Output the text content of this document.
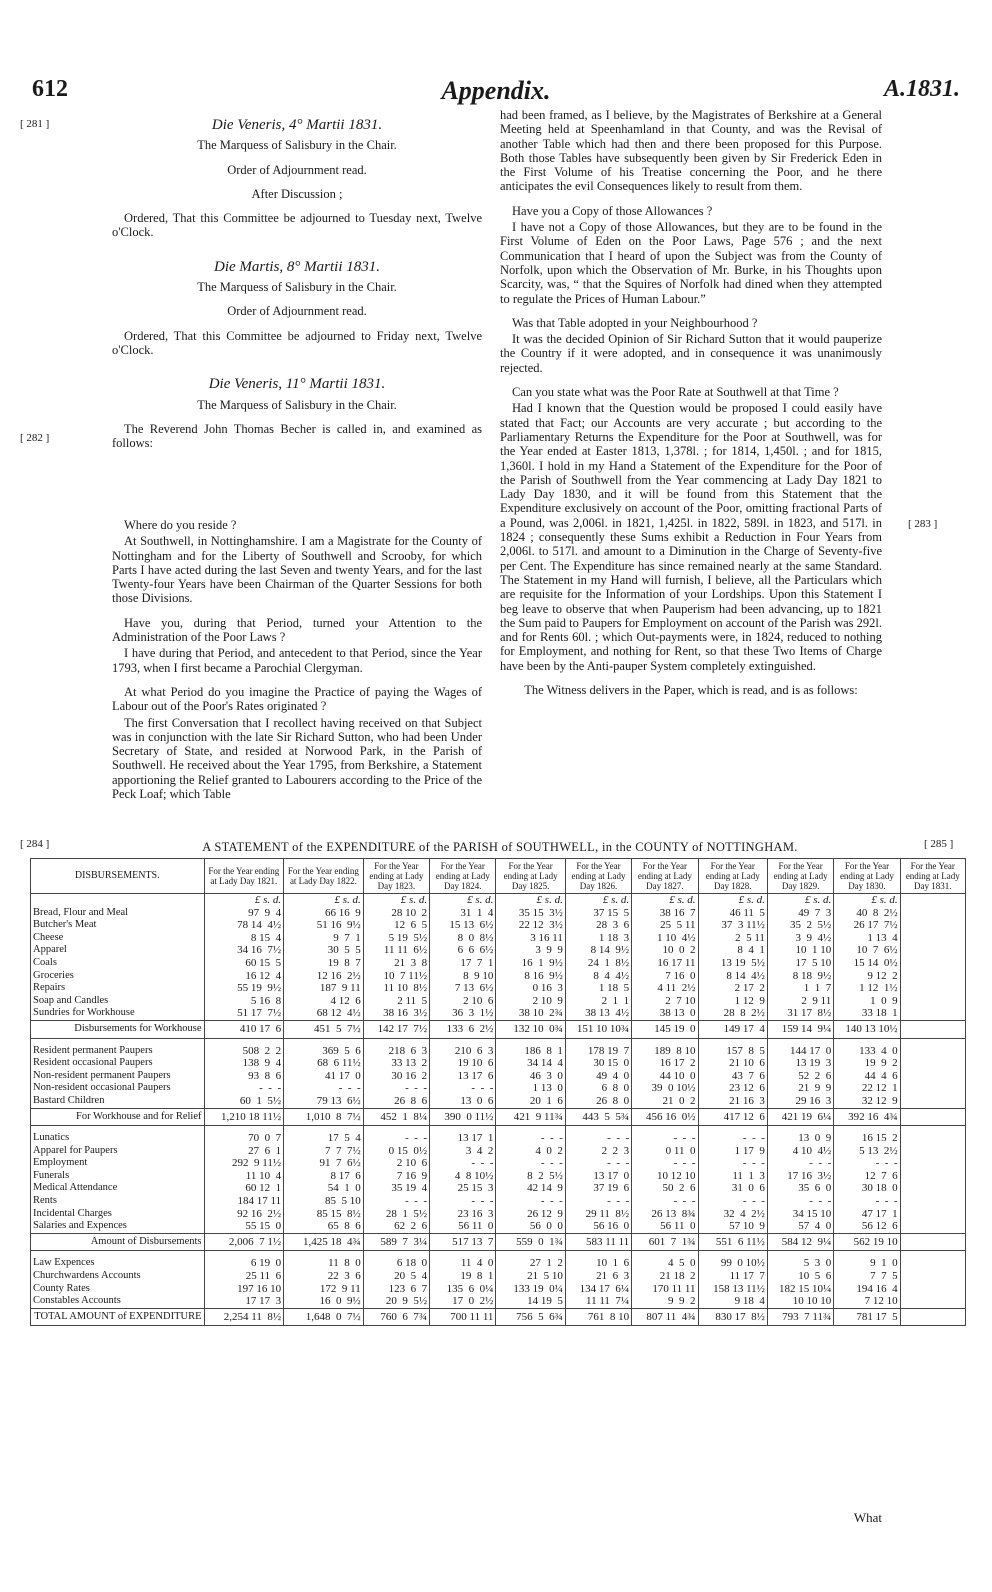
612	Appendix.	A.1831.
[ 281 ]
[ 282 ]
[ 283 ]
[ 284 ]	[ 285 ]
Die Veneris, 4° Martii 1831.

The Marquess of Salisbury in the Chair.

Order of Adjournment read.

After Discussion ;

Ordered, That this Committee be adjourned to Tuesday next, Twelve o'Clock.

Die Martis, 8° Martii 1831.

The Marquess of Salisbury in the Chair.

Order of Adjournment read.

Ordered, That this Committee be adjourned to Friday next, Twelve o'Clock.

Die Veneris, 11° Martii 1831.

The Marquess of Salisbury in the Chair.

The Reverend John Thomas Becher is called in, and examined as follows:

Where do you reside ?

At Southwell, in Nottinghamshire. I am a Magistrate for the County of Nottingham and for the Liberty of Southwell and Scrooby, for which Parts I have acted during the last Seven and twenty Years, and for the last Twenty-four Years have been Chairman of the Quarter Sessions for both those Divisions.

Have you, during that Period, turned your Attention to the Administration of the Poor Laws ?

I have during that Period, and antecedent to that Period, since the Year 1793, when I first became a Parochial Clergyman.

At what Period do you imagine the Practice of paying the Wages of Labour out of the Poor's Rates originated ?

The first Conversation that I recollect having received on that Subject was in conjunction with the late Sir Richard Sutton, who had been Under Secretary of State, and resided at Norwood Park, in the Parish of Southwell. He received about the Year 1795, from Berkshire, a Statement apportioning the Relief granted to Labourers according to the Price of the Peck Loaf; which Table

had been framed, as I believe, by the Magistrates of Berkshire at a General Meeting held at Speenhamland in that County, and was the Revisal of another Table which had then and there been proposed for this Purpose. Both those Tables have subsequently been given by Sir Frederick Eden in the First Volume of his Treatise concerning the Poor, and he there anticipates the evil Consequences likely to result from them.

Have you a Copy of those Allowances ?

I have not a Copy of those Allowances, but they are to be found in the First Volume of Eden on the Poor Laws, Page 576 ; and the next Communication that I heard of upon the Subject was from the County of Norfolk, upon which the Observation of Mr. Burke, in his Thoughts upon Scarcity, was, “ that the Squires of Norfolk had dined when they attempted to regulate the Prices of Human Labour.”

Was that Table adopted in your Neighbourhood ?

It was the decided Opinion of Sir Richard Sutton that it would pauperize the Country if it were adopted, and in consequence it was unanimously rejected.

Can you state what was the Poor Rate at Southwell at that Time ?

Had I known that the Question would be proposed I could easily have stated that Fact; our Accounts are very accurate ; but according to the Parliamentary Returns the Expenditure for the Poor at Southwell, was for the Year ended at Easter 1813, 1,378l. ; for 1814, 1,450l. ; and for 1815, 1,360l. I hold in my Hand a Statement of the Expenditure for the Poor of the Parish of Southwell from the Year commencing at Lady Day 1821 to Lady Day 1830, and it will be found from this Statement that the Expenditure exclusively on account of the Poor, omitting fractional Parts of a Pound, was 2,006l. in 1821, 1,425l. in 1822, 589l. in 1823, and 517l. in 1824 ; consequently these Sums exhibit a Reduction in Four Years from 2,006l. to 517l. and amount to a Diminution in the Charge of Seventy-five per Cent. The Expenditure has since remained nearly at the same Standard. The Statement in my Hand will furnish, I believe, all the Particulars which are requisite for the Information of your Lordships. Upon this Statement I beg leave to observe that when Pauperism had been advancing, up to 1821 the Sum paid to Paupers for Employment on account of the Parish was 292l. and for Rents 60l. ; which Out-payments were, in 1824, reduced to nothing for Employment, and nothing for Rent, so that these Two Items of Charge have been by the Anti-pauper System completely extinguished.

The Witness delivers in the Paper, which is read, and is as follows:

A STATEMENT of the EXPENDITURE of the PARISH of SOUTHWELL, in the COUNTY of NOTTINGHAM.
DISBURSEMENTS.	For the Year ending at Lady Day 1821.	For the Year ending at Lady Day 1822.	For the Year ending at Lady Day 1823.	For the Year ending at Lady Day 1824.	For the Year ending at Lady Day 1825.	For the Year ending at Lady Day 1826.	For the Year ending at Lady Day 1827.	For the Year ending at Lady Day 1828.	For the Year ending at Lady Day 1829.	For the Year ending at Lady Day 1830.	For the Year ending at Lady Day 1831.
	£ s. d.	£ s. d.	£ s. d.	£ s. d.	£ s. d.	£ s. d.	£ s. d.	£ s. d.	£ s. d.	£ s. d.	
Bread, Flour and Meal	97  9  4	66 16  9	28 10  2	31  1  4	35 15  3½	37 15  5	38 16  7	46 11  5	49  7  3	40  8  2½	
Butcher's Meat	78 14  4½	51 16  9½	12  6  5	15 13  6½	22 12  3½	28  3  6	25  5 11	37  3 11½	35  2  5½	26 17  7½	
Cheese	8 15  4	9  7  1	5 19  5½	8  0  8½	3 16 11	1 18  3	1 10  4½	2  5 11	3  9  4½	1 13  4	
Apparel	34 16  7½	30  5  5	11 11  6½	6  6  6½	3  9  9	8 14  9½	10  0  2	8  4  1	10  1 10	10  7  6½	
Coals	60 15  5	19  8  7	21  3  8	17  7  1	16  1  9½	24  1  8½	16 17 11	13 19  5½	17  5 10	15 14  0½	
Groceries	16 12  4	12 16  2½	10  7 11½	8  9 10	8 16  9½	8  4  4½	7 16  0	8 14  4½	8 18  9½	9 12  2	
Repairs	55 19  9½	187  9 11	11 10  8½	7 13  6½	0 16  3	1 18  5	4 11  2½	2 17  2	1  1  7	1 12  1½	
Soap and Candles	5 16  8	4 12  6	2 11  5	2 10  6	2 10  9	2  1  1	2  7 10	1 12  9	2  9 11	1  0  9	
Sundries for Workhouse	51 17  7½	68 12  4½	38 16  3½	36  3  1½	38 10  2¾	38 13  4½	38 13  0	28  8  2½	31 17  8½	33 18  1	
Disbursements for Workhouse	410 17  6	451  5  7½	142 17  7½	133  6  2½	132 10  0¾	151 10 10¾	145 19  0	149 17  4	159 14  9¼	140 13 10½	

Resident permanent Paupers	508  2  2	369  5  6	218  6  3	210  6  3	186  8  1	178 19  7	189  8 10	157  8  5	144 17  0	133  4  0	
Resident occasional Paupers	138  9  4	68  6 11½	33 13  2	19 10  6	34 14  4	30 15  0	16 17  2	21 10  6	13 19  3	19  9  2	
Non-resident permanent Paupers	93  8  6	41 17  0	30 16  2	13 17  6	46  3  0	49  4  0	44 10  0	43  7  6	52  2  6	44  4  6	
Non-resident occasional Paupers	-  -  -	-  -  -	-  -  -	-  -  -	1 13  0	6  8  0	39  0 10½	23 12  6	21  9  9	22 12  1	
Bastard Children	60  1  5½	79 13  6½	26  8  6	13  0  6	20  1  6	26  8  0	21  0  2	21 16  3	29 16  3	32 12  9	
For Workhouse and for Relief	1,210 18 11½	1,010  8  7½	452  1  8¼	390  0 11½	421  9 11¾	443  5  5¾	456 16  0½	417 12  6	421 19  6¼	392 16  4¾	

Lunatics	70  0  7	17  5  4	-  -  -	13 17  1	-  -  -	-  -  -	-  -  -	-  -  -	13  0  9	16 15  2	
Apparel for Paupers	27  6  1	7  7  7½	0 15  0½	3  4  2	4  0  2	2  2  3	0 11  0	1 17  9	4 10  4½	5 13  2½	
Employment	292  9 11½	91  7  6½	2 10  6	-  -  -	-  -  -	-  -  -	-  -  -	-  -  -	-  -  -	-  -  -	
Funerals	11 10  4	8 17  6	7 16  9	4  8 10½	8  2  5½	13 17  0	10 12 10	11  1  3	17 16  3½	12  7  6	
Medical Attendance	60 12  1	54  1  0	35 19  4	25 15  3	42 14  9	37 19  6	50  2  6	31  0  6	35  6  0	30 18  0	
Rents	184 17 11	85  5 10	-  -  -	-  -  -	-  -  -	-  -  -	-  -  -	-  -  -	-  -  -	-  -  -	
Incidental Charges	92 16  2½	85 15  8½	28  1  5½	23 16  3	26 12  9	29 11  8½	26 13  8¾	32  4  2½	34 15 10	47 17  1	
Salaries and Expences	55 15  0	65  8  6	62  2  6	56 11  0	56  0  0	56 16  0	56 11  0	57 10  9	57  4  0	56 12  6	
Amount of Disbursements	2,006  7 1½	1,425 18  4¾	589  7  3¼	517 13  7	559  0  1¾	583 11 11	601  7  1¾	551  6 11½	584 12  9¼	562 19 10	

Law Expences	6 19  0	11  8  0	6 18  0	11  4  0	27  1  2	10  1  6	4  5  0	99  0 10½	5  3  0	9  1  0	
Churchwardens Accounts	25 11  6	22  3  6	20  5  4	19  8  1	21  5 10	21  6  3	21 18  2	11 17  7	10  5  6	7  7  5	
County Rates	197 16 10	172  9 11	123  6  7	135  6  0¼	133 19  0¼	134 17  6¼	170 11 11	158 13 11½	182 15 10¼	194 16  4	
Constables Accounts	17 17  3	16  0  9½	20  9  5½	17  0  2½	14 19  5	11 11  7¼	9  9  2	9 18  4	10 10 10	7 12 10	
TOTAL AMOUNT of EXPENDITURE	2,254 11  8½	1,648  0  7½	760  6  7¾	700 11 11	756  5  6¾	761  8 10	807 11  4¾	830 17  8½	793  7 11¾	781 17  5	
What
